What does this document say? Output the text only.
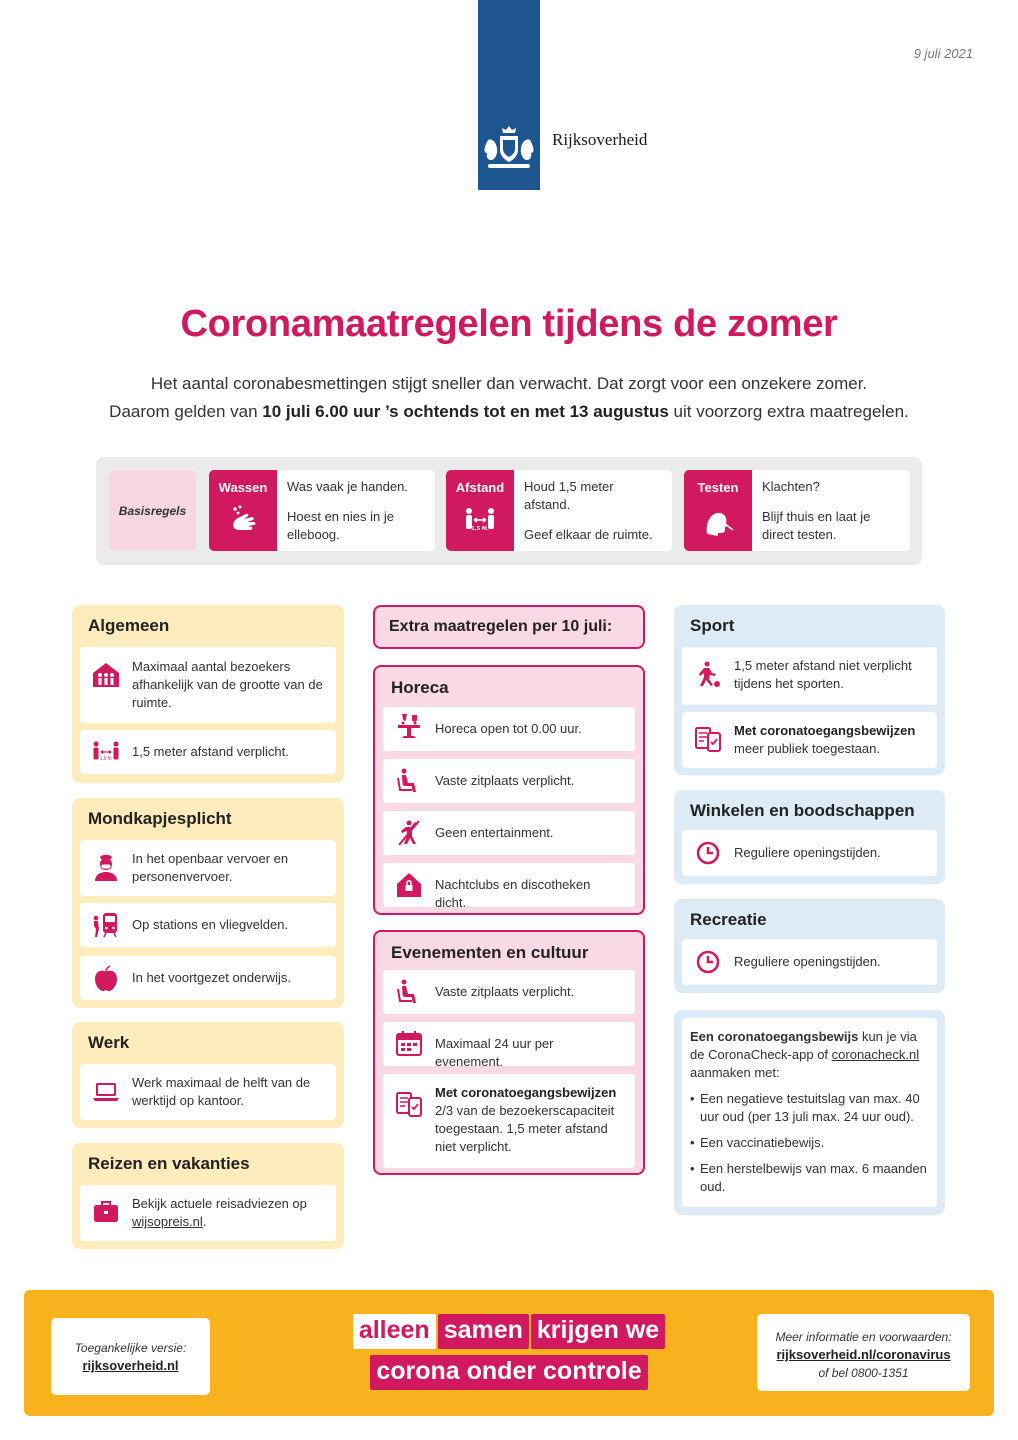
9 juli 2021
Rijksoverheid
Coronamaatregelen tijdens de zomer
Het aantal coronabesmettingen stijgt sneller dan verwacht. Dat zorgt voor een onzekere zomer.
Daarom gelden van 10 juli 6.00 uur ’s ochtends tot en met 13 augustus uit voorzorg extra maatregelen.
Basisregels
Wassen	Was vaak je handen.

Hoest en nies in je elleboog.

Afstand
1,5 M.

Houd 1,5 meter afstand.

Geef elkaar de ruimte.

Testen	Klachten?

Blijf thuis en laat je direct testen.

Algemeen
Maximaal aantal bezoekers afhankelijk van de grootte van de ruimte.
1,5 M. 1,5 meter afstand verplicht.
Mondkapjesplicht
In het openbaar vervoer en personenvervoer.
Op stations en vliegvelden.
In het voortgezet onderwijs.
Werk
Werk maximaal de helft van de werktijd op kantoor.
Reizen en vakanties
Bekijk actuele reisadviezen op wijsopreis.nl.
Extra maatregelen per 10 juli:
Horeca
Horeca open tot 0.00 uur.
Vaste zitplaats verplicht.
Geen entertainment.
Nachtclubs en discotheken dicht.
Evenementen en cultuur
Vaste zitplaats verplicht.
Maximaal 24 uur per evenement.
Met coronatoegangsbewijzen
2/3 van de bezoekerscapaciteit toegestaan. 1,5 meter afstand niet verplicht.
Sport
1,5 meter afstand niet verplicht tijdens het sporten.
Met coronatoegangsbewijzen
meer publiek toegestaan.
Winkelen en boodschappen
Reguliere openingstijden.
Recreatie
Reguliere openingstijden.
Een coronatoegangsbewijs kun je via de CoronaCheck-app of coronacheck.nl aanmaken met:
• Een negatieve testuitslag van max. 40 uur oud (per 13 juli max. 24 uur oud).
• Een vaccinatiebewijs.
• Een herstelbewijs van max. 6 maanden oud.
Toegankelijke versie:
rijksoverheid.nl
alleen samen krijgen we
corona onder controle
Meer informatie en voorwaarden:
rijksoverheid.nl/coronavirus
of bel 0800-1351
